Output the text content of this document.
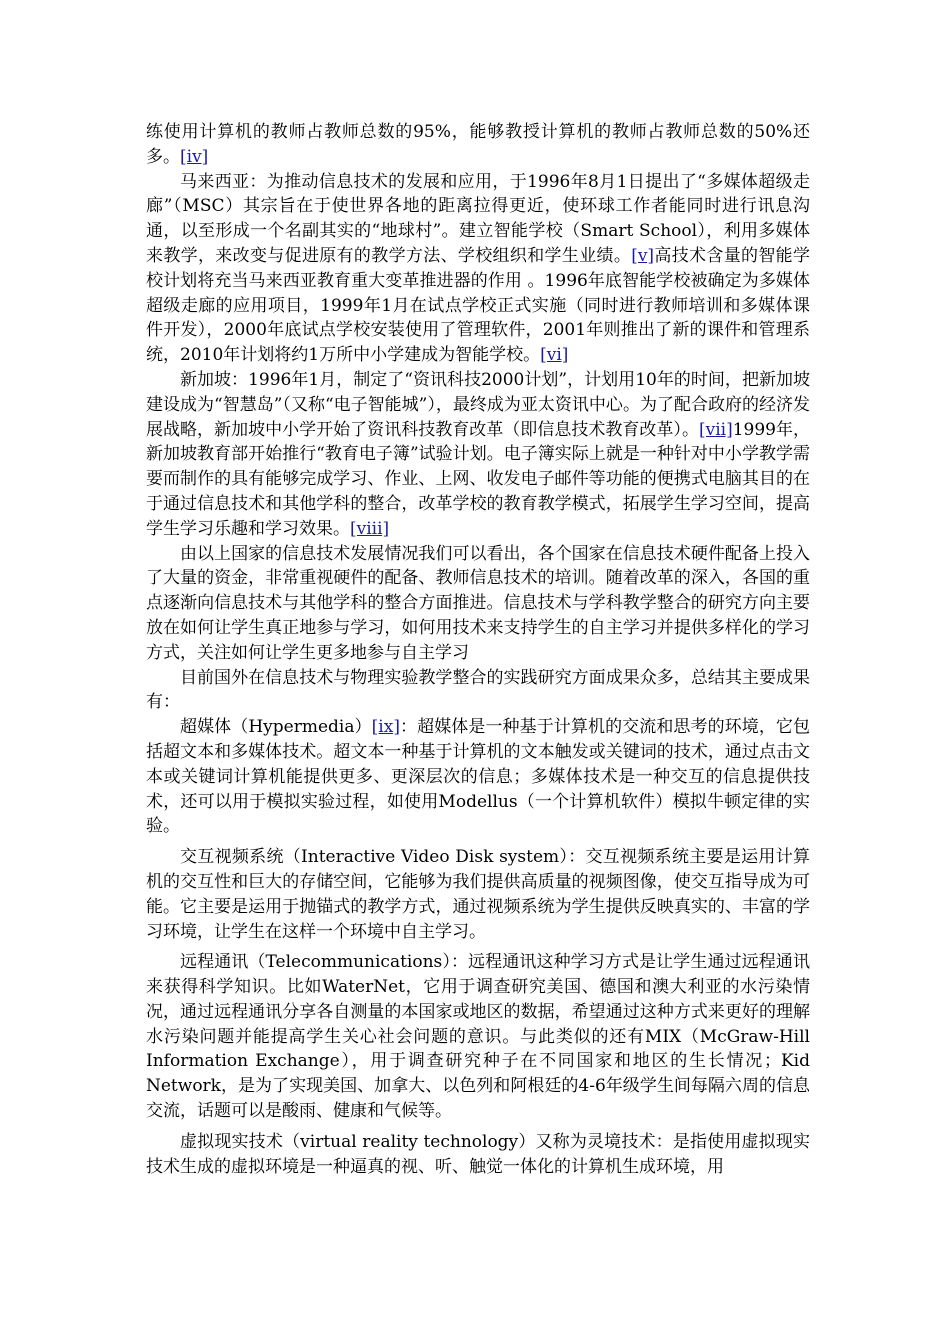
练使用计算机的教师占教师总数的95%，能够教授计算机的教师占教师总数的50%还多。[iv]

马来西亚：为推动信息技术的发展和应用，于1996年8月1日提出了“多媒体超级走廊”（MSC）其宗旨在于使世界各地的距离拉得更近，使环球工作者能同时进行讯息沟通，以至形成一个名副其实的“地球村”。建立智能学校（Smart School），利用多媒体来教学，来改变与促进原有的教学方法、学校组织和学生业绩。[v]高技术含量的智能学校计划将充当马来西亚教育重大变革推进器的作用 。1996年底智能学校被确定为多媒体超级走廊的应用项目，1999年1月在试点学校正式实施（同时进行教师培训和多媒体课件开发），2000年底试点学校安装使用了管理软件，2001年则推出了新的课件和管理系统，2010年计划将约1万所中小学建成为智能学校。[vi]

新加坡：1996年1月，制定了“资讯科技2000计划”，计划用10年的时间，把新加坡建设成为“智慧岛”（又称“电子智能城”），最终成为亚太资讯中心。为了配合政府的经济发展战略，新加坡中小学开始了资讯科技教育改革（即信息技术教育改革）。[vii]1999年，新加坡教育部开始推行“教育电子簿”试验计划。电子簿实际上就是一种针对中小学教学需要而制作的具有能够完成学习、作业、上网、收发电子邮件等功能的便携式电脑其目的在于通过信息技术和其他学科的整合，改革学校的教育教学模式，拓展学生学习空间，提高学生学习乐趣和学习效果。[viii]

由以上国家的信息技术发展情况我们可以看出，各个国家在信息技术硬件配备上投入了大量的资金，非常重视硬件的配备、教师信息技术的培训。随着改革的深入，各国的重点逐渐向信息技术与其他学科的整合方面推进。信息技术与学科教学整合的研究方向主要放在如何让学生真正地参与学习，如何用技术来支持学生的自主学习并提供多样化的学习方式，关注如何让学生更多地参与自主学习

目前国外在信息技术与物理实验教学整合的实践研究方面成果众多，总结其主要成果有：

超媒体（Hypermedia）[ix]：超媒体是一种基于计算机的交流和思考的环境，它包括超文本和多媒体技术。超文本一种基于计算机的文本触发或关键词的技术，通过点击文本或关键词计算机能提供更多、更深层次的信息；多媒体技术是一种交互的信息提供技术，还可以用于模拟实验过程，如使用Modellus（一个计算机软件）模拟牛顿定律的实验。

交互视频系统（Interactive Video Disk system）：交互视频系统主要是运用计算机的交互性和巨大的存储空间，它能够为我们提供高质量的视频图像，使交互指导成为可能。它主要是运用于抛锚式的教学方式，通过视频系统为学生提供反映真实的、丰富的学习环境，让学生在这样一个环境中自主学习。

远程通讯（Telecommunications）：远程通讯这种学习方式是让学生通过远程通讯来获得科学知识。比如WaterNet，它用于调查研究美国、德国和澳大利亚的水污染情况，通过远程通讯分享各自测量的本国家或地区的数据，希望通过这种方式来更好的理解水污染问题并能提高学生关心社会问题的意识。与此类似的还有MIX（McGraw-Hill Information Exchange），用于调查研究种子在不同国家和地区的生长情况；Kid Network，是为了实现美国、加拿大、以色列和阿根廷的4-6年级学生间每隔六周的信息交流，话题可以是酸雨、健康和气候等。

虚拟现实技术（virtual reality technology）又称为灵境技术：是指使用虚拟现实技术生成的虚拟环境是一种逼真的视、听、触觉一体化的计算机生成环境，用
